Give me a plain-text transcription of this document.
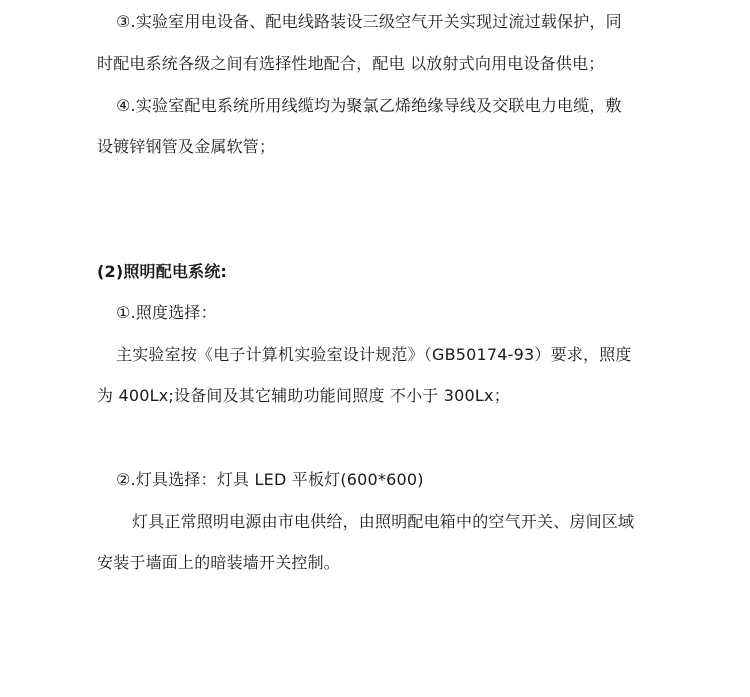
③.实验室用电设备、配电线路装设三级空气开关实现过流过载保护，同
时配电系统各级之间有选择性地配合，配电 以放射式向用电设备供电；
④.实验室配电系统所用线缆均为聚氯乙烯绝缘导线及交联电力电缆，敷
设镀锌钢管及金属软管；
(2)照明配电系统:
①.照度选择：
主实验室按《电子计算机实验室设计规范》（GB50174-93）要求，照度
为 400Lx;设备间及其它辅助功能间照度 不小于 300Lx；
②.灯具选择：灯具 LED 平板灯(600*600)
灯具正常照明电源由市电供给，由照明配电箱中的空气开关、房间区域
安装于墙面上的暗装墙开关控制。
